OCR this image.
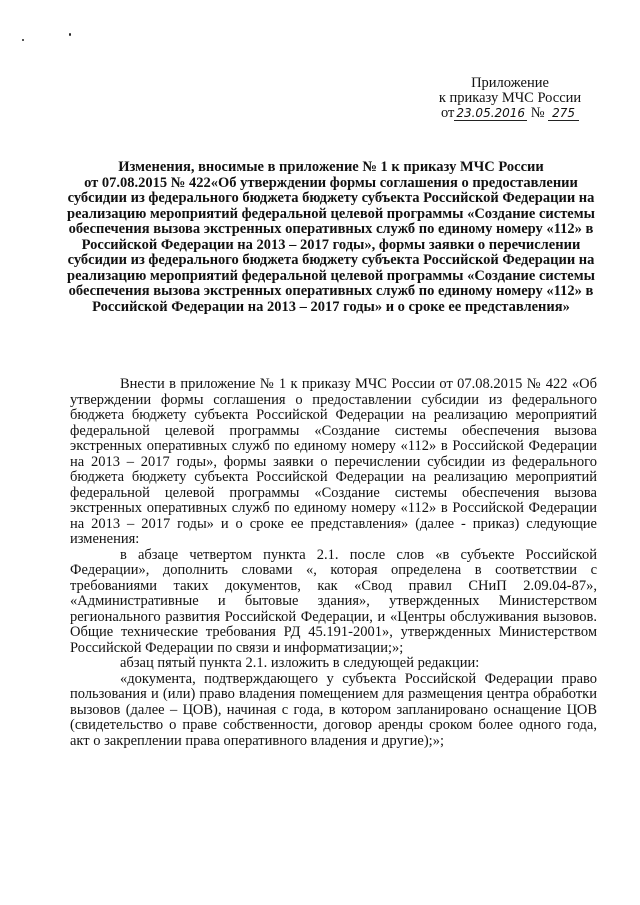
Приложение
к приказу МЧС России
от 23.05.2016 № 275
Изменения, вносимые в приложение № 1 к приказу МЧС России
от 07.08.2015 № 422«Об утверждении формы соглашения о предоставлении субсидии из федерального бюджета бюджету субъекта Российской Федерации на реализацию мероприятий федеральной целевой программы «Создание системы обеспечения вызова экстренных оперативных служб по единому номеру «112» в Российской Федерации на 2013 – 2017 годы», формы заявки о перечислении субсидии из федерального бюджета бюджету субъекта Российской Федерации на реализацию мероприятий федеральной целевой программы «Создание системы обеспечения вызова экстренных оперативных служб по единому номеру «112» в Российской Федерации на 2013 – 2017 годы» и о сроке ее представления»

Внести в приложение № 1 к приказу МЧС России от 07.08.2015 № 422 «Об утверждении формы соглашения о предоставлении субсидии из федерального бюджета бюджету субъекта Российской Федерации на реализацию мероприятий федеральной целевой программы «Создание системы обеспечения вызова экстренных оперативных служб по единому номеру «112» в Российской Федерации на 2013 – 2017 годы», формы заявки о перечислении субсидии из федерального бюджета бюджету субъекта Российской Федерации на реализацию мероприятий федеральной целевой программы «Создание системы обеспечения вызова экстренных оперативных служб по единому номеру «112» в Российской Федерации на 2013 – 2017 годы» и о сроке ее представления» (далее - приказ) следующие изменения:

в абзаце четвертом пункта 2.1. после слов «в субъекте Российской Федерации», дополнить словами «, которая определена в соответствии с требованиями таких документов, как «Свод правил СНиП 2.09.04-87», «Административные и бытовые здания», утвержденных Министерством регионального развития Российской Федерации, и «Центры обслуживания вызовов. Общие технические требования РД 45.191-2001», утвержденных Министерством Российской Федерации по связи и информатизации;»;

абзац пятый пункта 2.1. изложить в следующей редакции:

«документа, подтверждающего у субъекта Российской Федерации право пользования и (или) право владения помещением для размещения центра обработки вызовов (далее – ЦОВ), начиная с года, в котором запланировано оснащение ЦОВ (свидетельство о праве собственности, договор аренды сроком более одного года, акт о закреплении права оперативного владения и другие);»;
